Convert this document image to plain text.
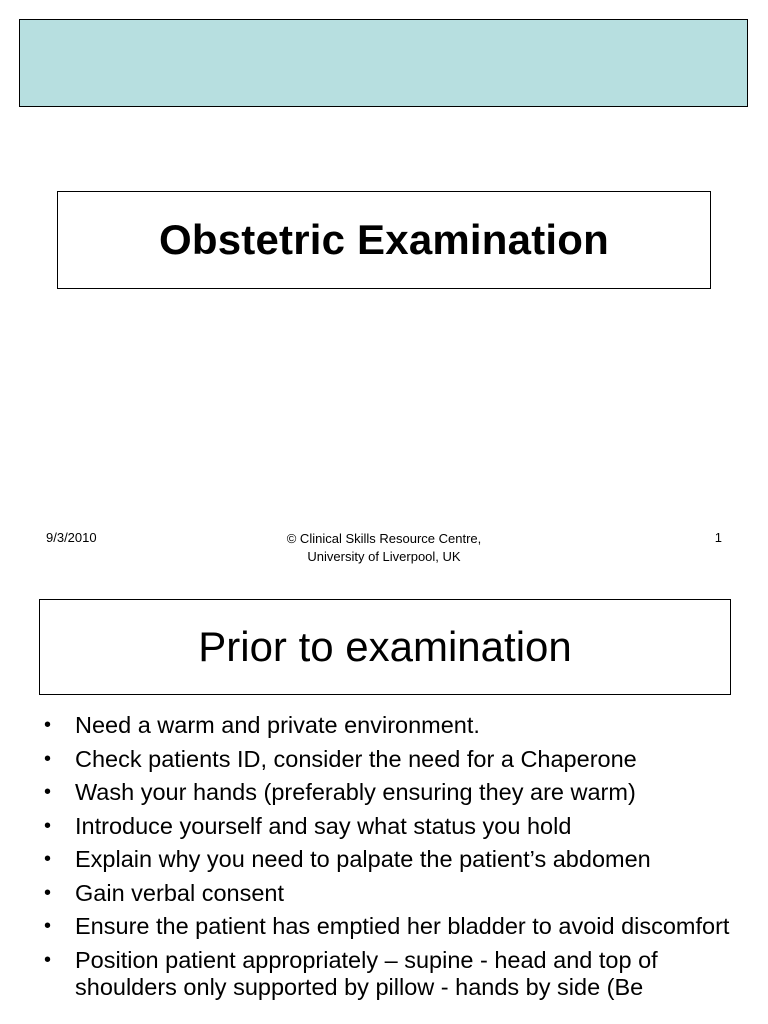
Obstetric Examination
9/3/2010	© Clinical Skills Resource Centre,
University of Liverpool, UK
1
Prior to examination
• Need a warm and private environment.
• Check patients ID, consider the need for a Chaperone
• Wash your hands (preferably ensuring they are warm)
• Introduce yourself and say what status you hold
• Explain why you need to palpate the patient’s abdomen
• Gain verbal consent
• Ensure the patient has emptied her bladder to avoid discomfort
• Position patient appropriately – supine - head and top of shoulders only supported by pillow - hands by side (Be
